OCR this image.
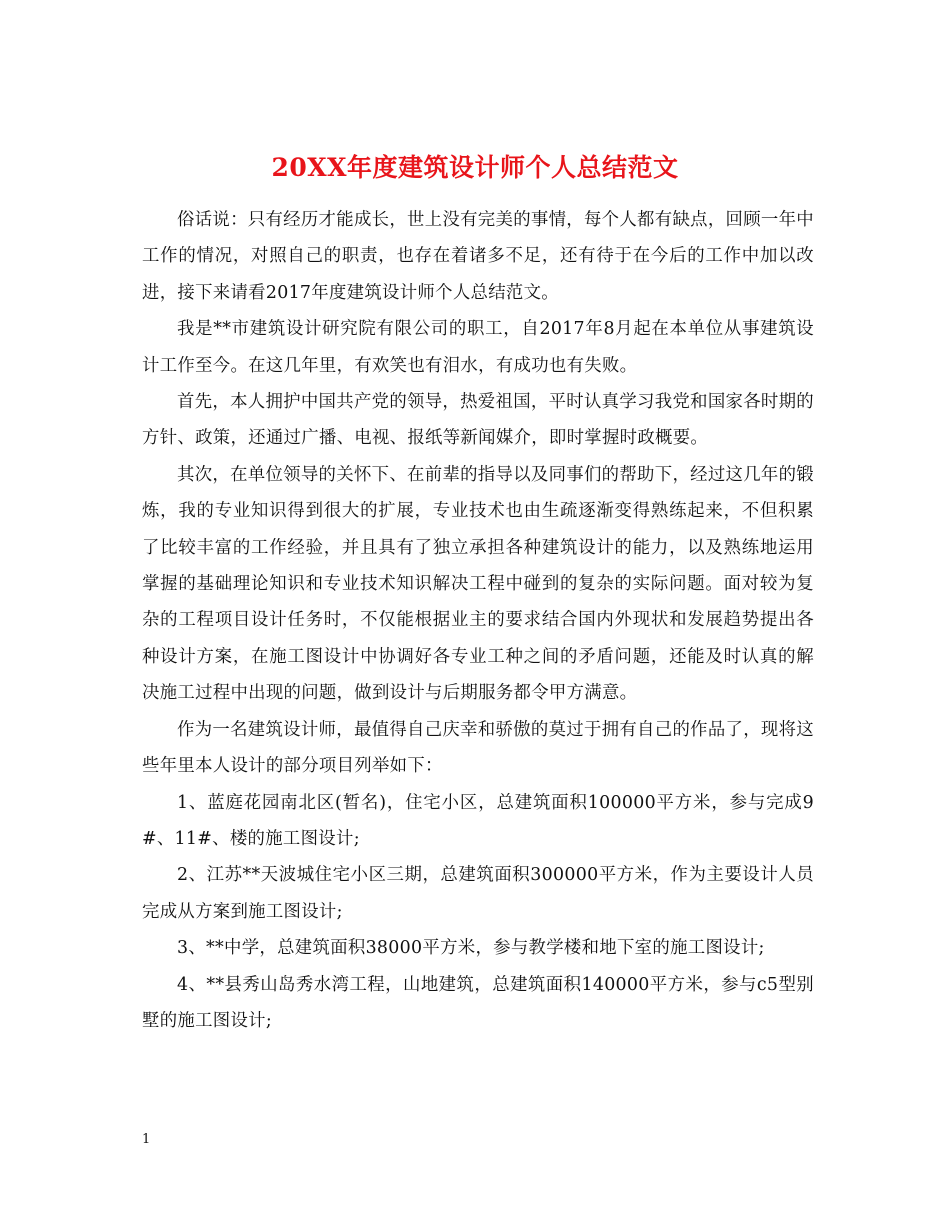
20XX年度建筑设计师个人总结范文

俗话说：只有经历才能成长，世上没有完美的事情，每个人都有缺点，回顾一年中工作的情况，对照自己的职责，也存在着诸多不足，还有待于在今后的工作中加以改进，接下来请看2017年度建筑设计师个人总结范文。

我是**市建筑设计研究院有限公司的职工，自2017年8月起在本单位从事建筑设计工作至今。在这几年里，有欢笑也有泪水，有成功也有失败。

首先，本人拥护中国共产党的领导，热爱祖国，平时认真学习我党和国家各时期的方针、政策，还通过广播、电视、报纸等新闻媒介，即时掌握时政概要。

其次，在单位领导的关怀下、在前辈的指导以及同事们的帮助下，经过这几年的锻炼，我的专业知识得到很大的扩展，专业技术也由生疏逐渐变得熟练起来，不但积累了比较丰富的工作经验，并且具有了独立承担各种建筑设计的能力，以及熟练地运用掌握的基础理论知识和专业技术知识解决工程中碰到的复杂的实际问题。面对较为复杂的工程项目设计任务时，不仅能根据业主的要求结合国内外现状和发展趋势提出各种设计方案，在施工图设计中协调好各专业工种之间的矛盾问题，还能及时认真的解决施工过程中出现的问题，做到设计与后期服务都令甲方满意。

作为一名建筑设计师，最值得自己庆幸和骄傲的莫过于拥有自己的作品了，现将这些年里本人设计的部分项目列举如下：

1、蓝庭花园南北区(暂名)，住宅小区，总建筑面积100000平方米，参与完成9#、11#、楼的施工图设计;

2、江苏**天波城住宅小区三期，总建筑面积300000平方米，作为主要设计人员完成从方案到施工图设计;

3、**中学，总建筑面积38000平方米，参与教学楼和地下室的施工图设计;

4、**县秀山岛秀水湾工程，山地建筑，总建筑面积140000平方米，参与c5型别墅的施工图设计;

1
